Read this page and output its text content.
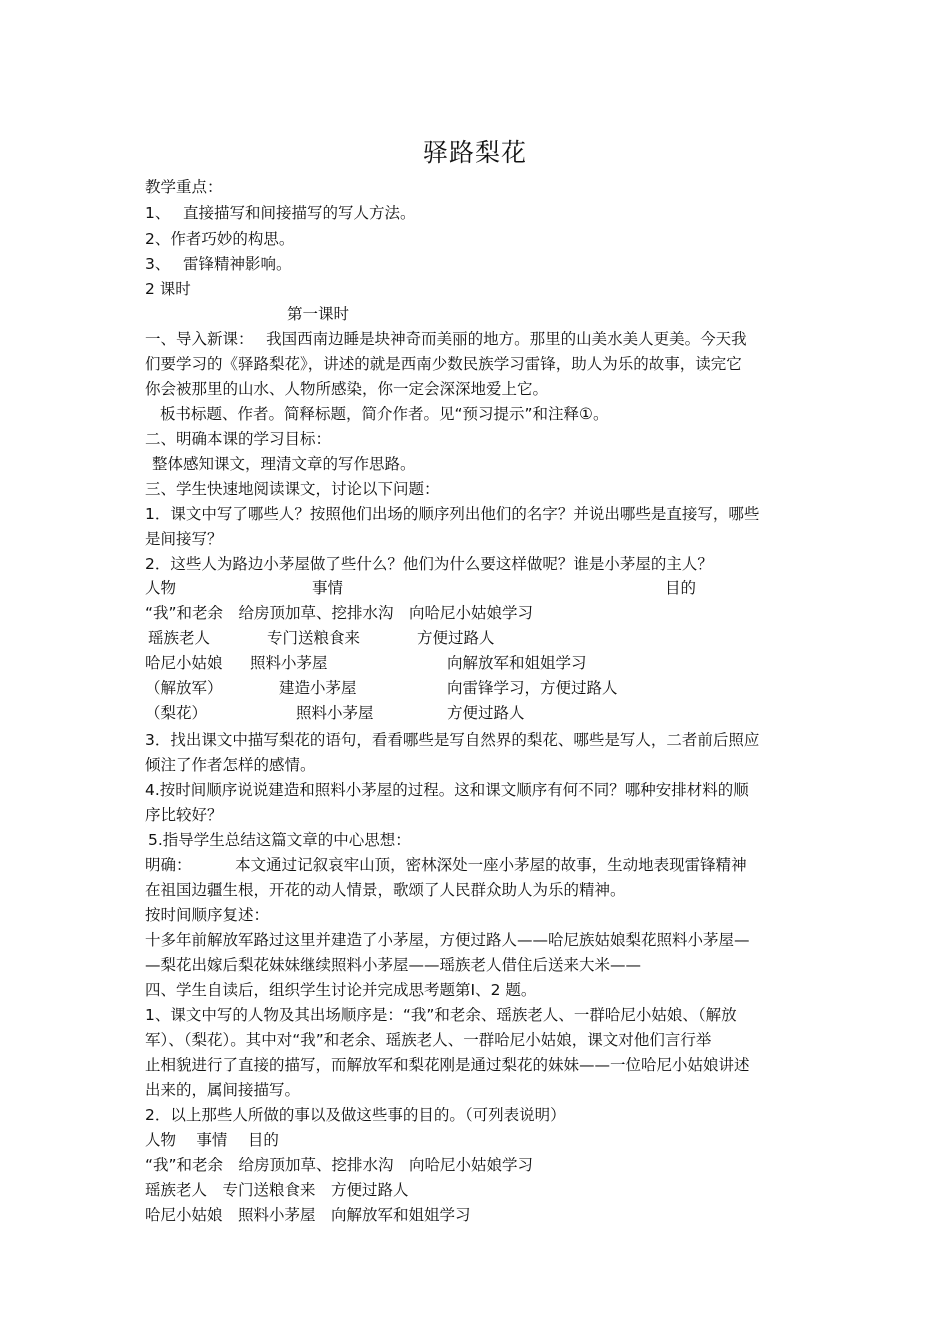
驿路梨花
教学重点：
1、　 直接描写和间接描写的写人方法。
2、作者巧妙的构思。
3、　 雷锋精神影响。
2 课时
第一课时
一、导入新课：　 我国西南边睡是块神奇而美丽的地方。那里的山美水美人更美。今天我
们要学习的《驿路梨花》，讲述的就是西南少数民族学习雷锋，助人为乐的故事，读完它
你会被那里的山水、人物所感染，你一定会深深地爱上它。
板书标题、作者。简释标题，简介作者。见“预习提示”和注释①。
二、明确本课的学习目标：
整体感知课文，理清文章的写作思路。
三、学生快速地阅读课文，讨论以下问题：
1．课文中写了哪些人？按照他们出场的顺序列出他们的名字？并说出哪些是直接写，哪些
是间接写？
2．这些人为路边小茅屋做了些什么？他们为什么要这样做呢？谁是小茅屋的主人？
3．找出课文中描写梨花的语句，看看哪些是写自然界的梨花、哪些是写人，二者前后照应
倾注了作者怎样的感情。
4.按时间顺序说说建造和照料小茅屋的过程。这和课文顺序有何不同？哪种安排材料的顺
序比较好？
5.指导学生总结这篇文章的中心思想：
明确：　　　 本文通过记叙哀牢山顶，密林深处一座小茅屋的故事，生动地表现雷锋精神
在祖国边疆生根，开花的动人情景，歌颂了人民群众助人为乐的精神。
按时间顺序复述：
十多年前解放军路过这里并建造了小茅屋，方便过路人——哈尼族姑娘梨花照料小茅屋—
—梨花出嫁后梨花妹妹继续照料小茅屋——瑶族老人借住后送来大米——
四、学生自读后，组织学生讨论并完成思考题第Ⅰ、2 题。
1、课文中写的人物及其出场顺序是：“我”和老余、瑶族老人、一群哈尼小姑娘、（解放
军）、（梨花）。其中对“我”和老余、瑶族老人、一群哈尼小姑娘，课文对他们言行举
止相貌进行了直接的描写，而解放军和梨花刚是通过梨花的妹妹——一位哈尼小姑娘讲述
出来的，属间接描写。
2．以上那些人所做的事以及做这些事的目的。（可列表说明）
人物　 事情　 目的
“我”和老余　给房顶加草、挖排水沟　向哈尼小姑娘学习
瑶族老人　专门送粮食来　方便过路人
哈尼小姑娘　照料小茅屋　向解放军和姐姐学习
人物	事情	目的
“我”和老余　给房顶加草、挖排水沟　向哈尼小姑娘学习
瑶族老人	专门送粮食来	方便过路人
哈尼小姑娘 照料小茅屋	向解放军和姐姐学习
（解放军）	建造小茅屋	向雷锋学习，方便过路人
（梨花）	照料小茅屋	方便过路人
